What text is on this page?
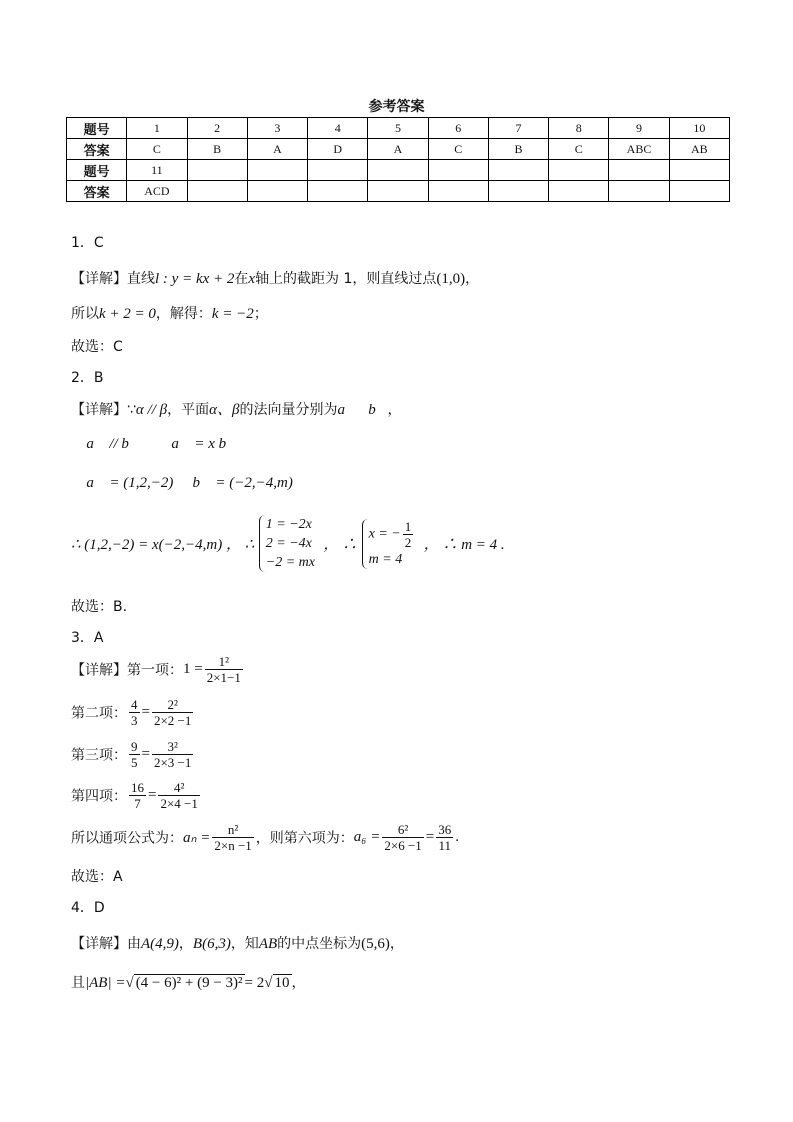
参考答案
题号	1	2	3	4	5	6	7	8	9	10
答案	C	B	A	D	A	C	B	C	ABC	AB
题号	11									
答案	ACD									
1．C
【详解】直线l : y = kx + 2在x轴上的截距为 1，则直线过点(1,0)，
所以k + 2 = 0，解得：k = −2；
故选：C
2．B
【详解】∵α // β，平面α、β的法向量分别为a⃗，b⃗，
∴ a⃗ // b⃗ ，∴ a⃗ = x b⃗ ，
∵ a⃗ = (1,2,−2) ， b⃗ = (−2,−4,m) ，
∴ (1,2,−2) = x(−2,−4,m) ， ∴
1 = −2x
2 = −4x
−2 = mx
， ∴
x = − $\frac{1}{2}$
m = 4
， ∴ m = 4 .
故选：B.
3．A
【详解】第一项：$1 = \frac{\text{1²}}{2\times 1-1}$
第二项： $\frac{4}{3} = \frac{\text{2²}}{2\times 2 -1}$
第三项： $\frac{9}{5} = \frac{\text{3²}}{2\times 3 -1}$
第四项： $\frac{16}{7} = \frac{\text{4²}}{2\times 4 -1}$
所以通项公式为：$a_n = \frac{\text{n²}}{2\times n -1}$ ，则第六项为：$a_6 = \frac{\text{6²}}{2\times 6 -1} = \frac{36}{11}$ .
故选：A
4．D
【详解】由A(4,9)，B(6,3)，知AB的中点坐标为(5,6)，
且|AB| =√ (4 − 6)² + (9 − 3)² = 2√ 10 ，
